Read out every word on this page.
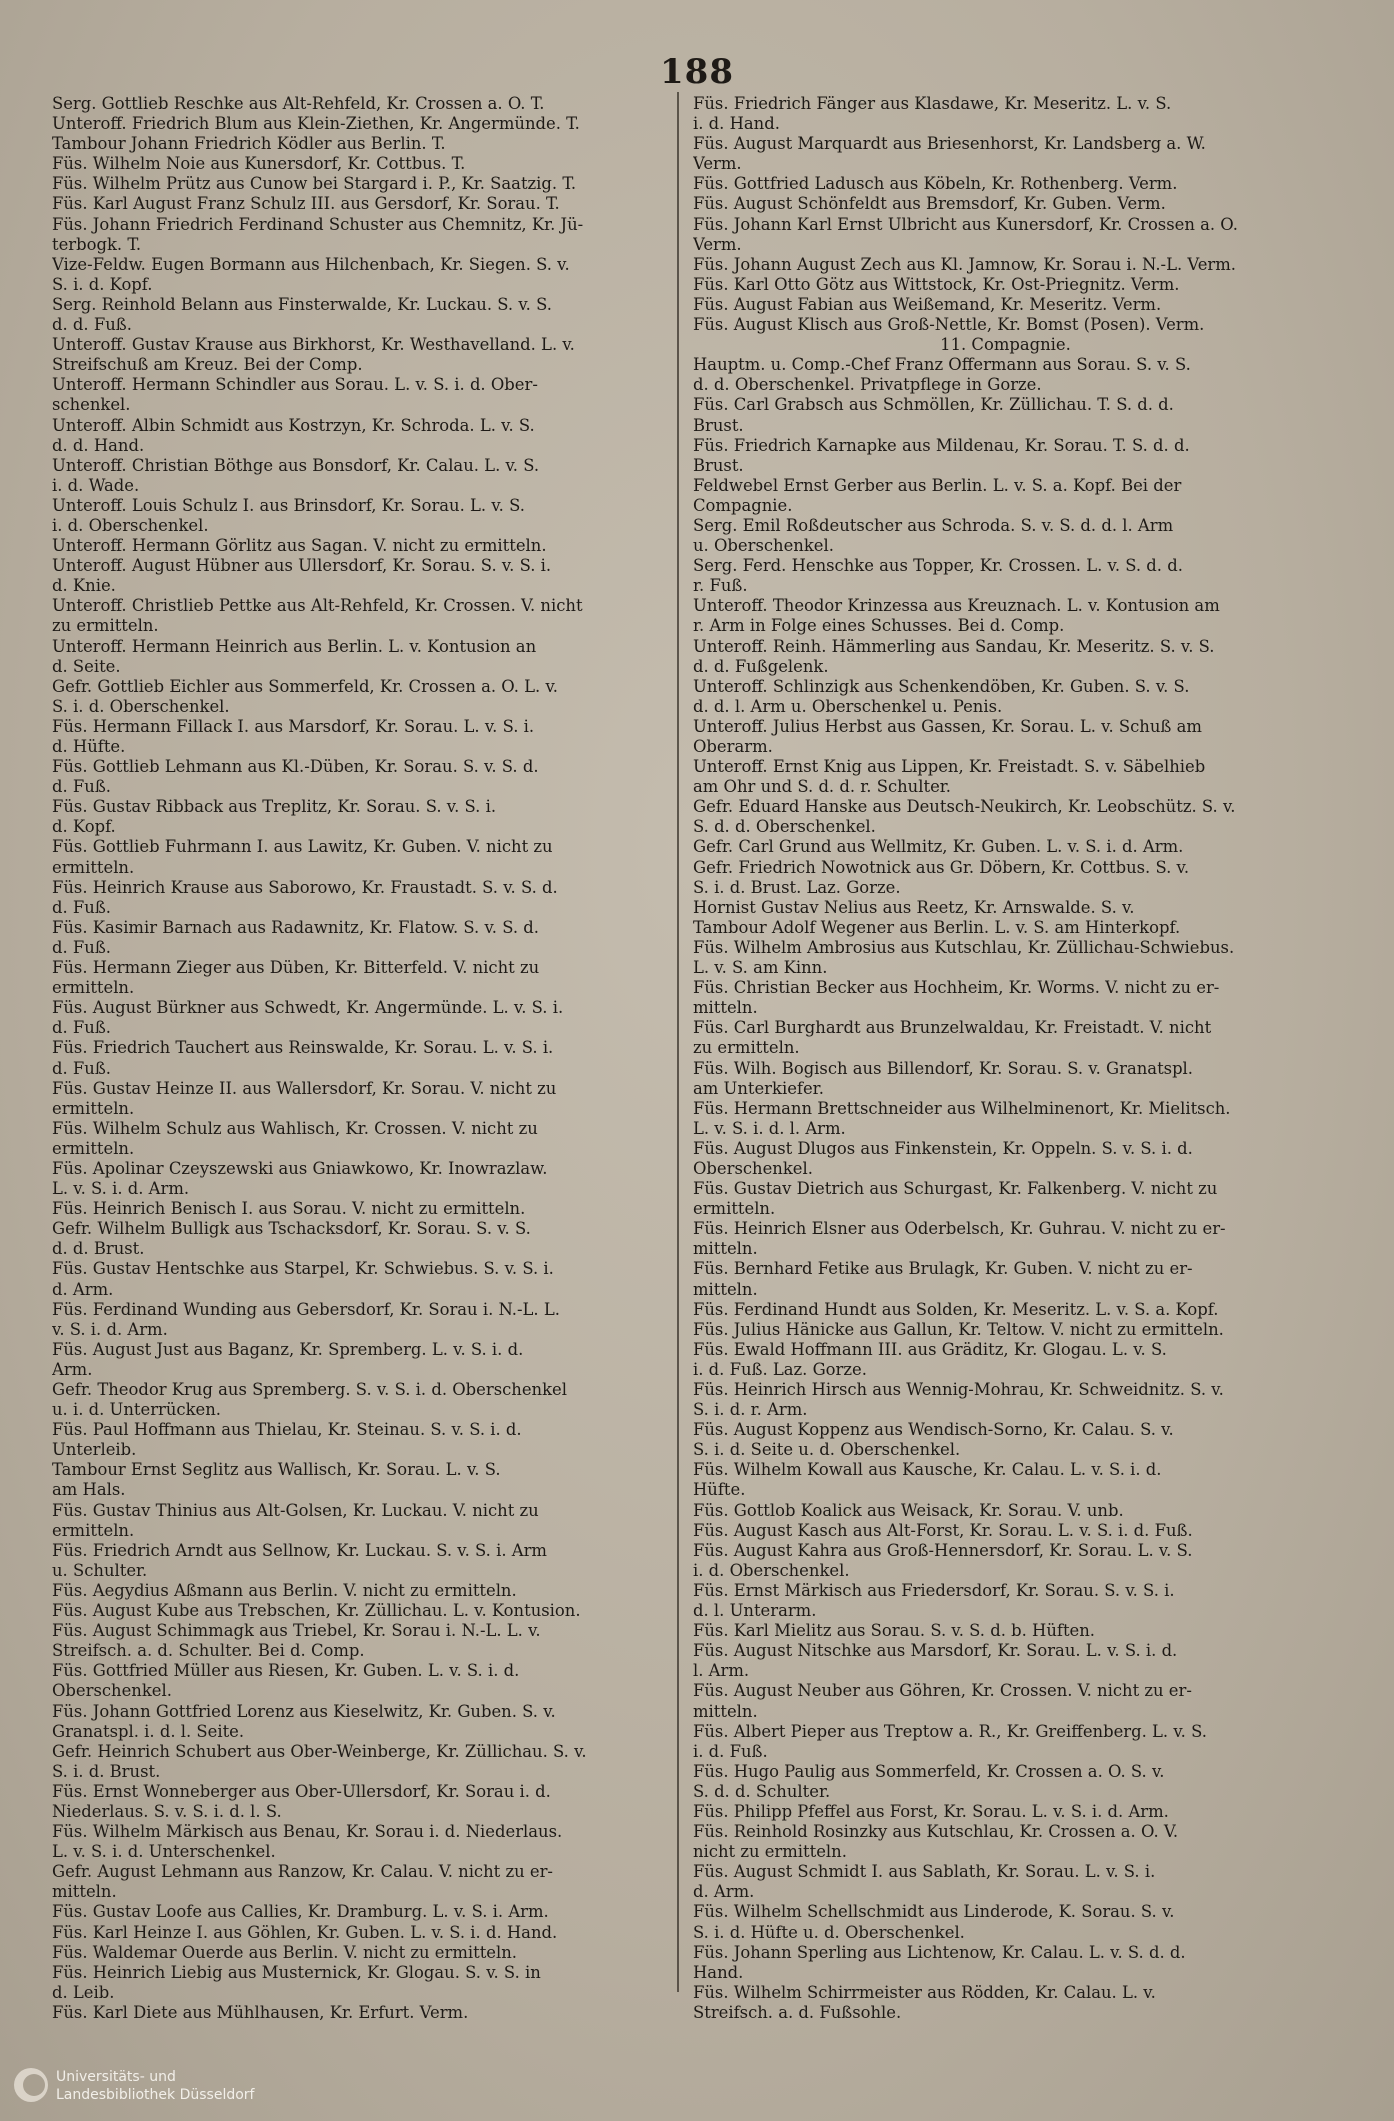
188
Serg. Gottlieb Reschke aus Alt-Rehfeld, Kr. Crossen a. O. T.
Unteroff. Friedrich Blum aus Klein-Ziethen, Kr. Angermünde. T.
Tambour Johann Friedrich Ködler aus Berlin. T.
Füs. Wilhelm Noie aus Kunersdorf, Kr. Cottbus. T.
Füs. Wilhelm Prütz aus Cunow bei Stargard i. P., Kr. Saatzig. T.
Füs. Karl August Franz Schulz III. aus Gersdorf, Kr. Sorau. T.
Füs. Johann Friedrich Ferdinand Schuster aus Chemnitz, Kr. Jü-
terbogk. T.
Vize-Feldw. Eugen Bormann aus Hilchenbach, Kr. Siegen. S. v.
S. i. d. Kopf.
Serg. Reinhold Belann aus Finsterwalde, Kr. Luckau. S. v. S.
d. d. Fuß.
Unteroff. Gustav Krause aus Birkhorst, Kr. Westhavelland. L. v.
Streifschuß am Kreuz. Bei der Comp.
Unteroff. Hermann Schindler aus Sorau. L. v. S. i. d. Ober-
schenkel.
Unteroff. Albin Schmidt aus Kostrzyn, Kr. Schroda. L. v. S.
d. d. Hand.
Unteroff. Christian Böthge aus Bonsdorf, Kr. Calau. L. v. S.
i. d. Wade.
Unteroff. Louis Schulz I. aus Brinsdorf, Kr. Sorau. L. v. S.
i. d. Oberschenkel.
Unteroff. Hermann Görlitz aus Sagan. V. nicht zu ermitteln.
Unteroff. August Hübner aus Ullersdorf, Kr. Sorau. S. v. S. i.
d. Knie.
Unteroff. Christlieb Pettke aus Alt-Rehfeld, Kr. Crossen. V. nicht
zu ermitteln.
Unteroff. Hermann Heinrich aus Berlin. L. v. Kontusion an
d. Seite.
Gefr. Gottlieb Eichler aus Sommerfeld, Kr. Crossen a. O. L. v.
S. i. d. Oberschenkel.
Füs. Hermann Fillack I. aus Marsdorf, Kr. Sorau. L. v. S. i.
d. Hüfte.
Füs. Gottlieb Lehmann aus Kl.-Düben, Kr. Sorau. S. v. S. d.
d. Fuß.
Füs. Gustav Ribback aus Treplitz, Kr. Sorau. S. v. S. i.
d. Kopf.
Füs. Gottlieb Fuhrmann I. aus Lawitz, Kr. Guben. V. nicht zu
ermitteln.
Füs. Heinrich Krause aus Saborowo, Kr. Fraustadt. S. v. S. d.
d. Fuß.
Füs. Kasimir Barnach aus Radawnitz, Kr. Flatow. S. v. S. d.
d. Fuß.
Füs. Hermann Zieger aus Düben, Kr. Bitterfeld. V. nicht zu
ermitteln.
Füs. August Bürkner aus Schwedt, Kr. Angermünde. L. v. S. i.
d. Fuß.
Füs. Friedrich Tauchert aus Reinswalde, Kr. Sorau. L. v. S. i.
d. Fuß.
Füs. Gustav Heinze II. aus Wallersdorf, Kr. Sorau. V. nicht zu
ermitteln.
Füs. Wilhelm Schulz aus Wahlisch, Kr. Crossen. V. nicht zu
ermitteln.
Füs. Apolinar Czeyszewski aus Gniawkowo, Kr. Inowrazlaw.
L. v. S. i. d. Arm.
Füs. Heinrich Benisch I. aus Sorau. V. nicht zu ermitteln.
Gefr. Wilhelm Bulligk aus Tschacksdorf, Kr. Sorau. S. v. S.
d. d. Brust.
Füs. Gustav Hentschke aus Starpel, Kr. Schwiebus. S. v. S. i.
d. Arm.
Füs. Ferdinand Wunding aus Gebersdorf, Kr. Sorau i. N.-L. L.
v. S. i. d. Arm.
Füs. August Just aus Baganz, Kr. Spremberg. L. v. S. i. d.
Arm.
Gefr. Theodor Krug aus Spremberg. S. v. S. i. d. Oberschenkel
u. i. d. Unterrücken.
Füs. Paul Hoffmann aus Thielau, Kr. Steinau. S. v. S. i. d.
Unterleib.
Tambour Ernst Seglitz aus Wallisch, Kr. Sorau. L. v. S.
am Hals.
Füs. Gustav Thinius aus Alt-Golsen, Kr. Luckau. V. nicht zu
ermitteln.
Füs. Friedrich Arndt aus Sellnow, Kr. Luckau. S. v. S. i. Arm
u. Schulter.
Füs. Aegydius Aßmann aus Berlin. V. nicht zu ermitteln.
Füs. August Kube aus Trebschen, Kr. Züllichau. L. v. Kontusion.
Füs. August Schimmagk aus Triebel, Kr. Sorau i. N.-L. L. v.
Streifsch. a. d. Schulter. Bei d. Comp.
Füs. Gottfried Müller aus Riesen, Kr. Guben. L. v. S. i. d.
Oberschenkel.
Füs. Johann Gottfried Lorenz aus Kieselwitz, Kr. Guben. S. v.
Granatspl. i. d. l. Seite.
Gefr. Heinrich Schubert aus Ober-Weinberge, Kr. Züllichau. S. v.
S. i. d. Brust.
Füs. Ernst Wonneberger aus Ober-Ullersdorf, Kr. Sorau i. d.
Niederlaus. S. v. S. i. d. l. S.
Füs. Wilhelm Märkisch aus Benau, Kr. Sorau i. d. Niederlaus.
L. v. S. i. d. Unterschenkel.
Gefr. August Lehmann aus Ranzow, Kr. Calau. V. nicht zu er-
mitteln.
Füs. Gustav Loofe aus Callies, Kr. Dramburg. L. v. S. i. Arm.
Füs. Karl Heinze I. aus Göhlen, Kr. Guben. L. v. S. i. d. Hand.
Füs. Waldemar Ouerde aus Berlin. V. nicht zu ermitteln.
Füs. Heinrich Liebig aus Musternick, Kr. Glogau. S. v. S. in
d. Leib.
Füs. Karl Diete aus Mühlhausen, Kr. Erfurt. Verm.
Füs. Friedrich Fänger aus Klasdawe, Kr. Meseritz. L. v. S.
i. d. Hand.
Füs. August Marquardt aus Briesenhorst, Kr. Landsberg a. W.
Verm.
Füs. Gottfried Ladusch aus Köbeln, Kr. Rothenberg. Verm.
Füs. August Schönfeldt aus Bremsdorf, Kr. Guben. Verm.
Füs. Johann Karl Ernst Ulbricht aus Kunersdorf, Kr. Crossen a. O.
Verm.
Füs. Johann August Zech aus Kl. Jamnow, Kr. Sorau i. N.-L. Verm.
Füs. Karl Otto Götz aus Wittstock, Kr. Ost-Priegnitz. Verm.
Füs. August Fabian aus Weißemand, Kr. Meseritz. Verm.
Füs. August Klisch aus Groß-Nettle, Kr. Bomst (Posen). Verm.
11. Compagnie.
Hauptm. u. Comp.-Chef Franz Offermann aus Sorau. S. v. S.
d. d. Oberschenkel. Privatpflege in Gorze.
Füs. Carl Grabsch aus Schmöllen, Kr. Züllichau. T. S. d. d.
Brust.
Füs. Friedrich Karnapke aus Mildenau, Kr. Sorau. T. S. d. d.
Brust.
Feldwebel Ernst Gerber aus Berlin. L. v. S. a. Kopf. Bei der
Compagnie.
Serg. Emil Roßdeutscher aus Schroda. S. v. S. d. d. l. Arm
u. Oberschenkel.
Serg. Ferd. Henschke aus Topper, Kr. Crossen. L. v. S. d. d.
r. Fuß.
Unteroff. Theodor Krinzessa aus Kreuznach. L. v. Kontusion am
r. Arm in Folge eines Schusses. Bei d. Comp.
Unteroff. Reinh. Hämmerling aus Sandau, Kr. Meseritz. S. v. S.
d. d. Fußgelenk.
Unteroff. Schlinzigk aus Schenkendöben, Kr. Guben. S. v. S.
d. d. l. Arm u. Oberschenkel u. Penis.
Unteroff. Julius Herbst aus Gassen, Kr. Sorau. L. v. Schuß am
Oberarm.
Unteroff. Ernst Knig aus Lippen, Kr. Freistadt. S. v. Säbelhieb
am Ohr und S. d. d. r. Schulter.
Gefr. Eduard Hanske aus Deutsch-Neukirch, Kr. Leobschütz. S. v.
S. d. d. Oberschenkel.
Gefr. Carl Grund aus Wellmitz, Kr. Guben. L. v. S. i. d. Arm.
Gefr. Friedrich Nowotnick aus Gr. Döbern, Kr. Cottbus. S. v.
S. i. d. Brust. Laz. Gorze.
Hornist Gustav Nelius aus Reetz, Kr. Arnswalde. S. v.
Tambour Adolf Wegener aus Berlin. L. v. S. am Hinterkopf.
Füs. Wilhelm Ambrosius aus Kutschlau, Kr. Züllichau-Schwiebus.
L. v. S. am Kinn.
Füs. Christian Becker aus Hochheim, Kr. Worms. V. nicht zu er-
mitteln.
Füs. Carl Burghardt aus Brunzelwaldau, Kr. Freistadt. V. nicht
zu ermitteln.
Füs. Wilh. Bogisch aus Billendorf, Kr. Sorau. S. v. Granatspl.
am Unterkiefer.
Füs. Hermann Brettschneider aus Wilhelminenort, Kr. Mielitsch.
L. v. S. i. d. l. Arm.
Füs. August Dlugos aus Finkenstein, Kr. Oppeln. S. v. S. i. d.
Oberschenkel.
Füs. Gustav Dietrich aus Schurgast, Kr. Falkenberg. V. nicht zu
ermitteln.
Füs. Heinrich Elsner aus Oderbelsch, Kr. Guhrau. V. nicht zu er-
mitteln.
Füs. Bernhard Fetike aus Brulagk, Kr. Guben. V. nicht zu er-
mitteln.
Füs. Ferdinand Hundt aus Solden, Kr. Meseritz. L. v. S. a. Kopf.
Füs. Julius Hänicke aus Gallun, Kr. Teltow. V. nicht zu ermitteln.
Füs. Ewald Hoffmann III. aus Gräditz, Kr. Glogau. L. v. S.
i. d. Fuß. Laz. Gorze.
Füs. Heinrich Hirsch aus Wennig-Mohrau, Kr. Schweidnitz. S. v.
S. i. d. r. Arm.
Füs. August Koppenz aus Wendisch-Sorno, Kr. Calau. S. v.
S. i. d. Seite u. d. Oberschenkel.
Füs. Wilhelm Kowall aus Kausche, Kr. Calau. L. v. S. i. d.
Hüfte.
Füs. Gottlob Koalick aus Weisack, Kr. Sorau. V. unb.
Füs. August Kasch aus Alt-Forst, Kr. Sorau. L. v. S. i. d. Fuß.
Füs. August Kahra aus Groß-Hennersdorf, Kr. Sorau. L. v. S.
i. d. Oberschenkel.
Füs. Ernst Märkisch aus Friedersdorf, Kr. Sorau. S. v. S. i.
d. l. Unterarm.
Füs. Karl Mielitz aus Sorau. S. v. S. d. b. Hüften.
Füs. August Nitschke aus Marsdorf, Kr. Sorau. L. v. S. i. d.
l. Arm.
Füs. August Neuber aus Göhren, Kr. Crossen. V. nicht zu er-
mitteln.
Füs. Albert Pieper aus Treptow a. R., Kr. Greiffenberg. L. v. S.
i. d. Fuß.
Füs. Hugo Paulig aus Sommerfeld, Kr. Crossen a. O. S. v.
S. d. d. Schulter.
Füs. Philipp Pfeffel aus Forst, Kr. Sorau. L. v. S. i. d. Arm.
Füs. Reinhold Rosinzky aus Kutschlau, Kr. Crossen a. O. V.
nicht zu ermitteln.
Füs. August Schmidt I. aus Sablath, Kr. Sorau. L. v. S. i.
d. Arm.
Füs. Wilhelm Schellschmidt aus Linderode, K. Sorau. S. v.
S. i. d. Hüfte u. d. Oberschenkel.
Füs. Johann Sperling aus Lichtenow, Kr. Calau. L. v. S. d. d.
Hand.
Füs. Wilhelm Schirrmeister aus Rödden, Kr. Calau. L. v.
Streifsch. a. d. Fußsohle.
Universitäts- und
Landesbibliothek Düsseldorf
